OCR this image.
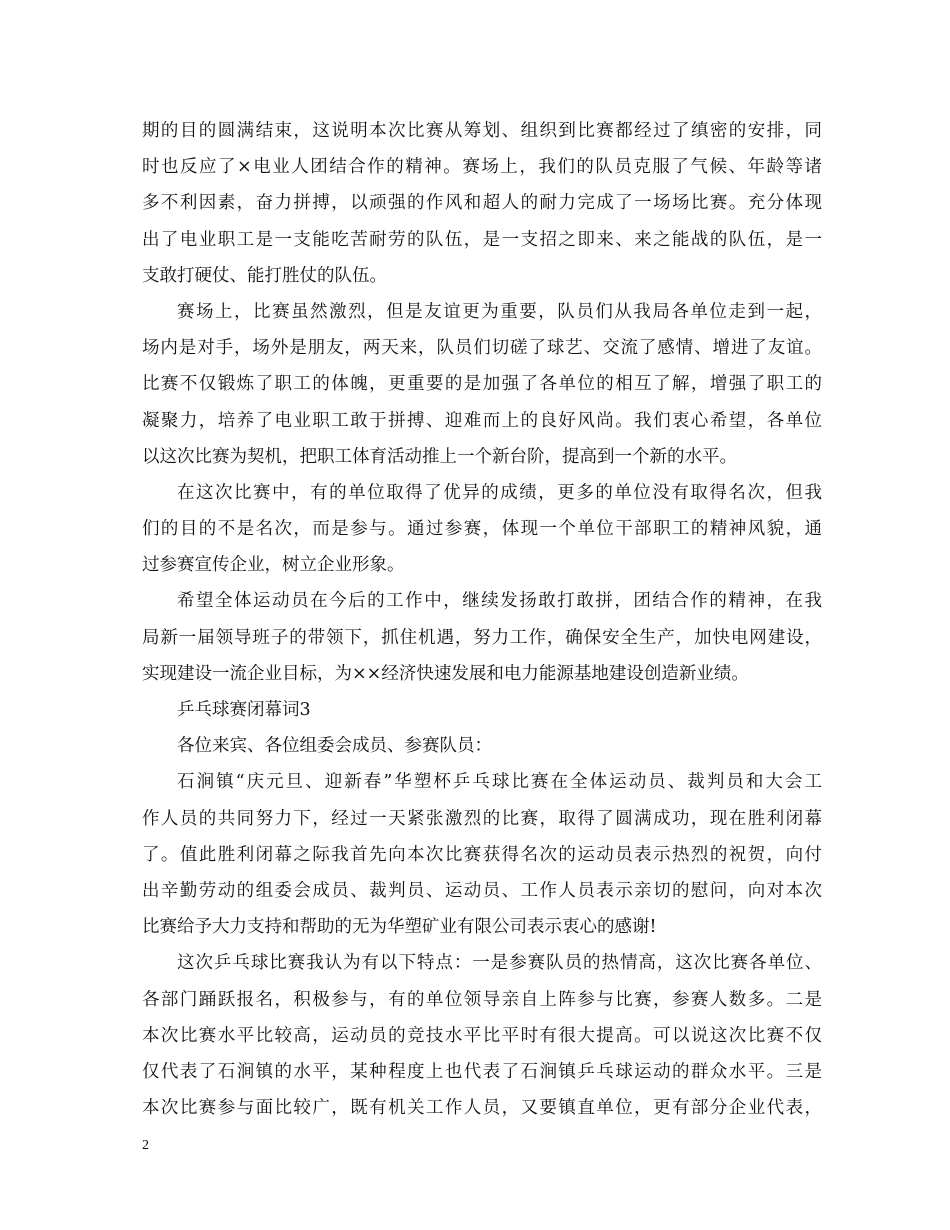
期的目的圆满结束，这说明本次比赛从筹划、组织到比赛都经过了缜密的安排，同
时也反应了×电业人团结合作的精神。赛场上，我们的队员克服了气候、年龄等诸
多不利因素，奋力拼搏，以顽强的作风和超人的耐力完成了一场场比赛。充分体现
出了电业职工是一支能吃苦耐劳的队伍，是一支招之即来、来之能战的队伍，是一
支敢打硬仗、能打胜仗的队伍。
赛场上，比赛虽然激烈，但是友谊更为重要，队员们从我局各单位走到一起，
场内是对手，场外是朋友，两天来，队员们切磋了球艺、交流了感情、增进了友谊。
比赛不仅锻炼了职工的体魄，更重要的是加强了各单位的相互了解，增强了职工的
凝聚力，培养了电业职工敢于拼搏、迎难而上的良好风尚。我们衷心希望，各单位
以这次比赛为契机，把职工体育活动推上一个新台阶，提高到一个新的水平。
在这次比赛中，有的单位取得了优异的成绩，更多的单位没有取得名次，但我
们的目的不是名次，而是参与。通过参赛，体现一个单位干部职工的精神风貌，通
过参赛宣传企业，树立企业形象。
希望全体运动员在今后的工作中，继续发扬敢打敢拼，团结合作的精神，在我
局新一届领导班子的带领下，抓住机遇，努力工作，确保安全生产，加快电网建设，
实现建设一流企业目标，为××经济快速发展和电力能源基地建设创造新业绩。
乒乓球赛闭幕词3
各位来宾、各位组委会成员、参赛队员：
石涧镇“庆元旦、迎新春”华塑杯乒乓球比赛在全体运动员、裁判员和大会工
作人员的共同努力下，经过一天紧张激烈的比赛，取得了圆满成功，现在胜利闭幕
了。值此胜利闭幕之际我首先向本次比赛获得名次的运动员表示热烈的祝贺，向付
出辛勤劳动的组委会成员、裁判员、运动员、工作人员表示亲切的慰问，向对本次
比赛给予大力支持和帮助的无为华塑矿业有限公司表示衷心的感谢!
这次乒乓球比赛我认为有以下特点：一是参赛队员的热情高，这次比赛各单位、
各部门踊跃报名，积极参与，有的单位领导亲自上阵参与比赛，参赛人数多。二是
本次比赛水平比较高，运动员的竞技水平比平时有很大提高。可以说这次比赛不仅
仅代表了石涧镇的水平，某种程度上也代表了石涧镇乒乓球运动的群众水平。三是
本次比赛参与面比较广，既有机关工作人员，又要镇直单位，更有部分企业代表，
2
